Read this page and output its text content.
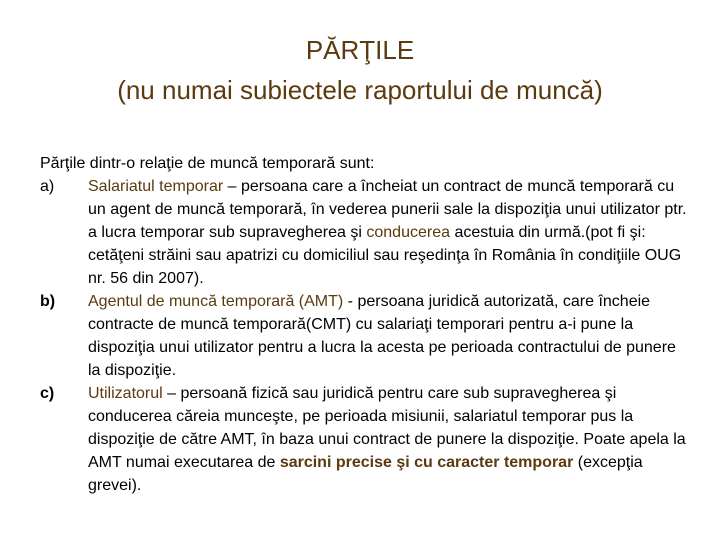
PĂRŢILE
(nu numai subiectele raportului de muncă)

Părţile dintr-o relaţie de muncă temporară sunt:

a)	Salariatul temporar – persoana care a încheiat un contract de muncă temporară cu un agent de muncă temporară, în vederea punerii sale la dispoziţia unui utilizator ptr. a lucra temporar sub supravegherea şi conducerea acestuia din urmă.(pot fi şi: cetăţeni străini sau apatrizi cu domiciliul sau reşedinţa în România în condiţiile OUG nr. 56 din 2007).
b)	Agentul de muncă temporară (AMT) - persoana juridică autorizată, care încheie contracte de muncă temporară(CMT) cu salariaţi temporari pentru a-i pune la dispoziţia unui utilizator pentru a lucra la acesta pe perioada contractului de punere la dispoziţie.
c)	Utilizatorul – persoană fizică sau juridică pentru care sub supravegherea şi conducerea căreia munceşte, pe perioada misiunii, salariatul temporar pus la dispoziţie de către AMT, în baza unui contract de punere la dispoziţie. Poate apela la AMT numai executarea de sarcini precise şi cu caracter temporar (excepţia grevei).
